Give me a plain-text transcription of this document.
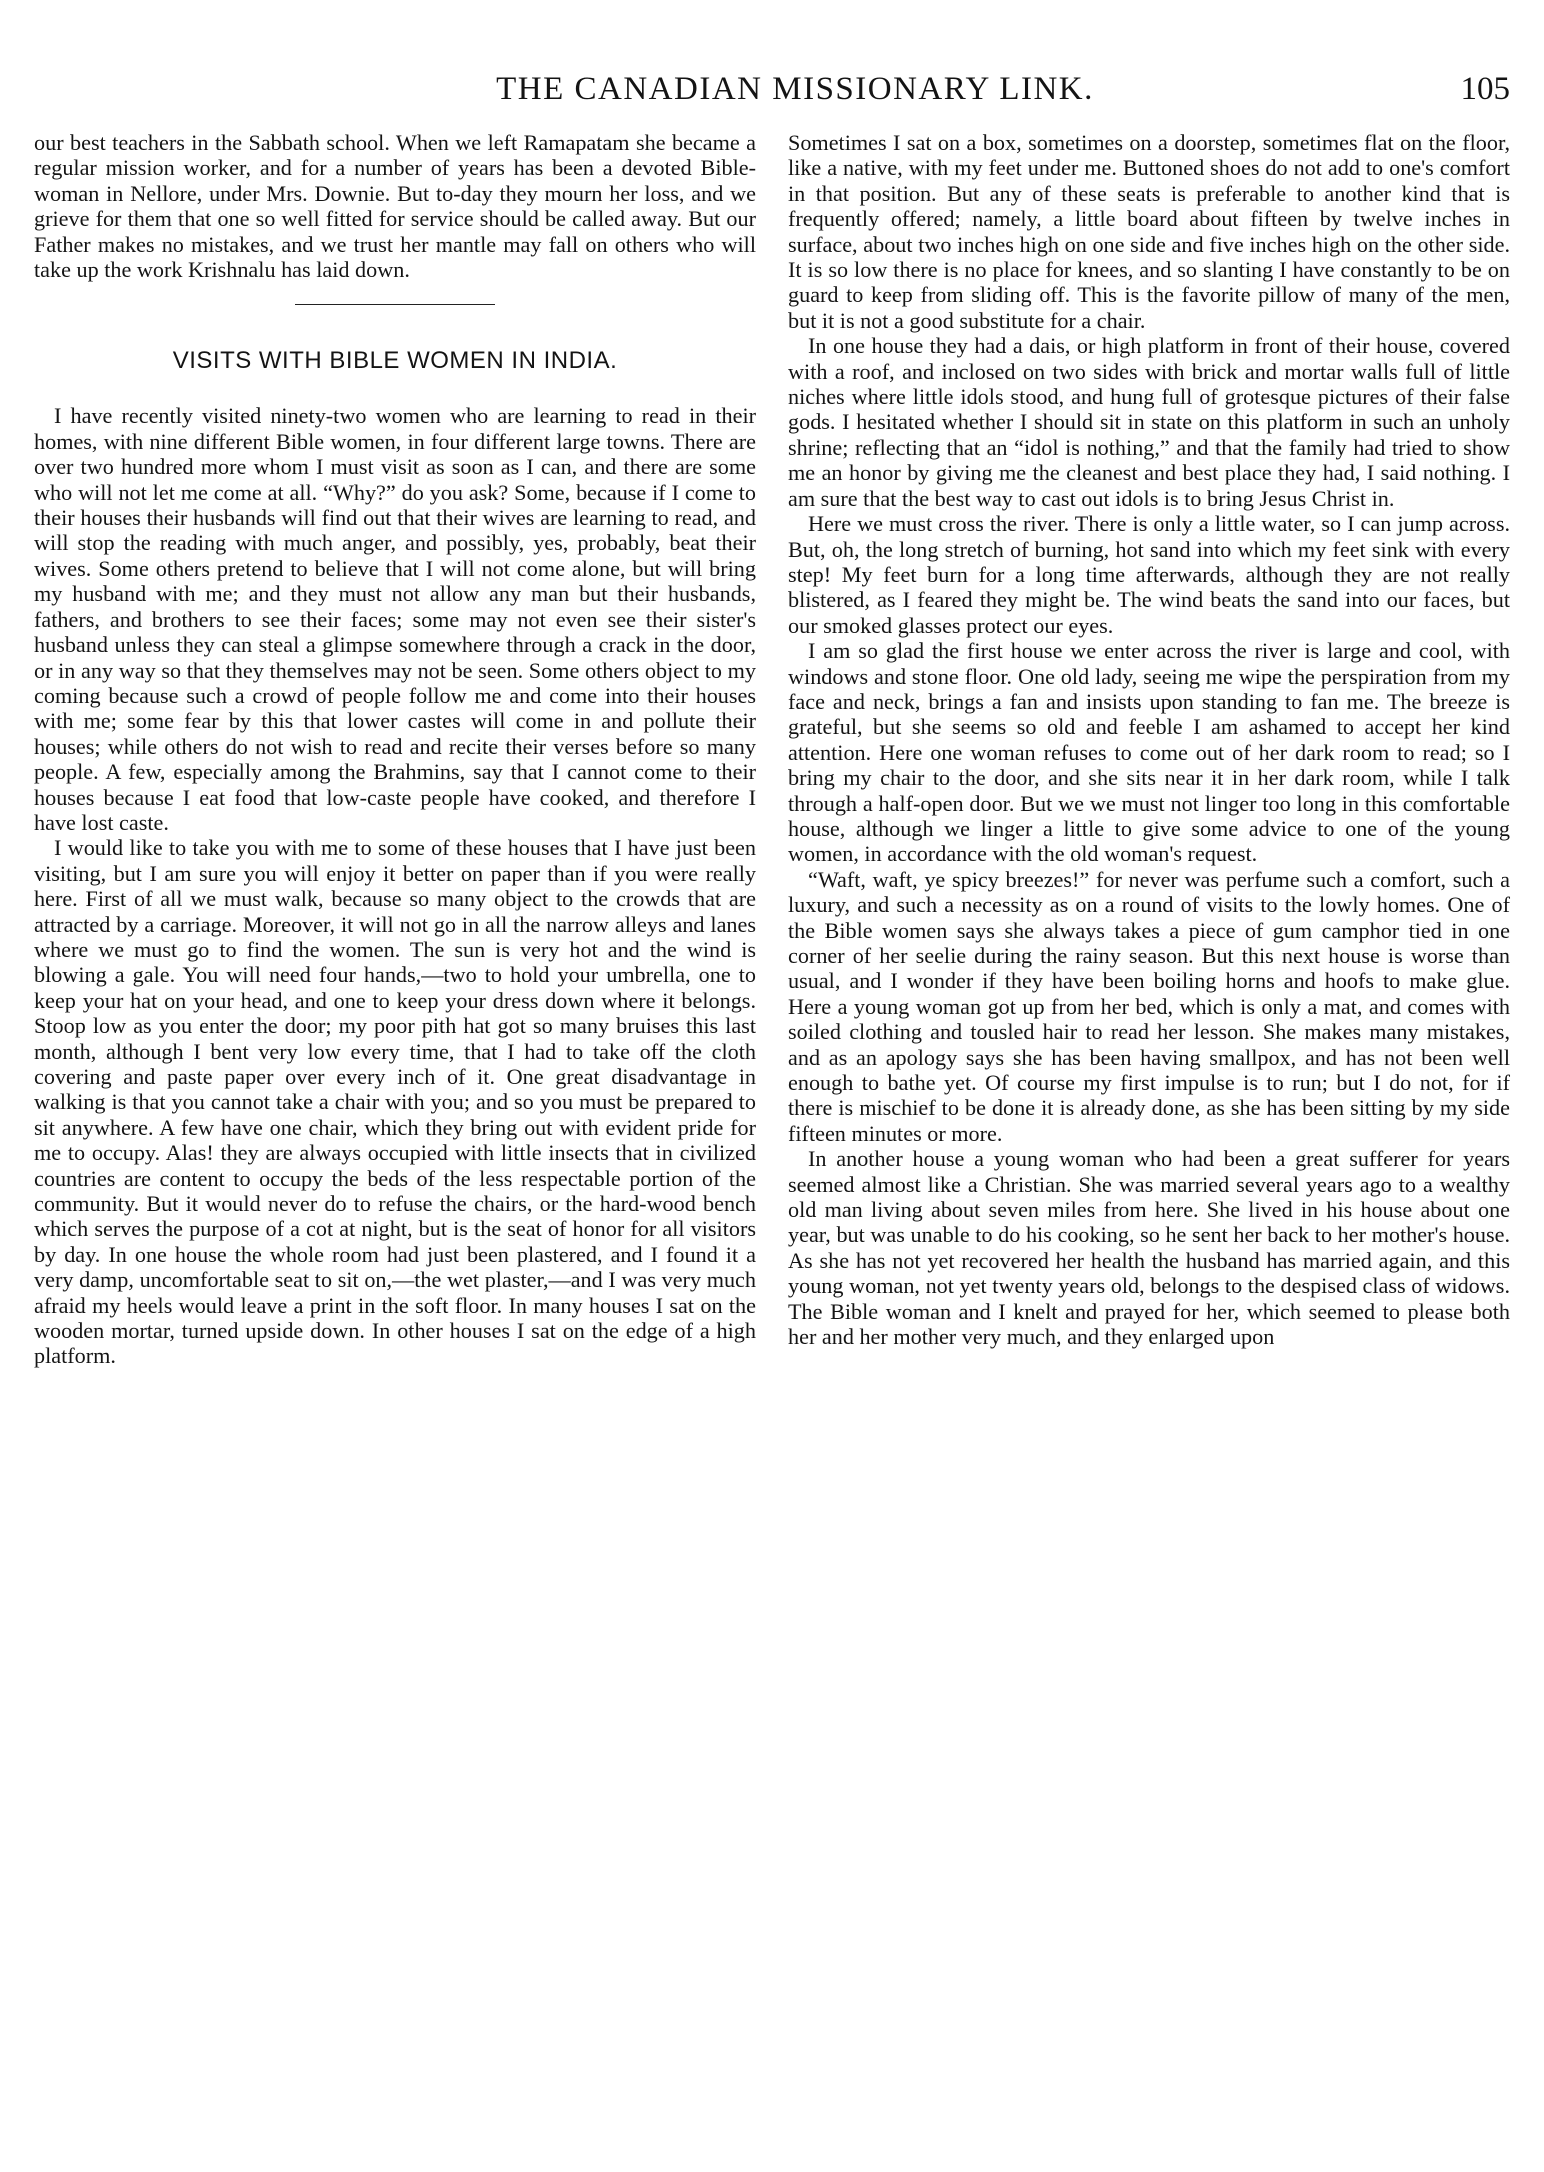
THE CANADIAN MISSIONARY LINK.	105

our best teachers in the Sabbath school. When we left Ramapatam she became a regular mission worker, and for a number of years has been a devoted Bible-woman in Nellore, under Mrs. Downie. But to-day they mourn her loss, and we grieve for them that one so well fitted for service should be called away. But our Father makes no mistakes, and we trust her mantle may fall on others who will take up the work Krishnalu has laid down.

VISITS WITH BIBLE WOMEN IN INDIA.

I have recently visited ninety-two women who are learning to read in their homes, with nine different Bible women, in four different large towns. There are over two hundred more whom I must visit as soon as I can, and there are some who will not let me come at all. “Why?” do you ask? Some, because if I come to their houses their husbands will find out that their wives are learning to read, and will stop the reading with much anger, and possibly, yes, probably, beat their wives. Some others pretend to believe that I will not come alone, but will bring my husband with me; and they must not allow any man but their husbands, fathers, and brothers to see their faces; some may not even see their sister's husband unless they can steal a glimpse somewhere through a crack in the door, or in any way so that they themselves may not be seen. Some others object to my coming because such a crowd of people follow me and come into their houses with me; some fear by this that lower castes will come in and pollute their houses; while others do not wish to read and recite their verses before so many people. A few, especially among the Brahmins, say that I cannot come to their houses because I eat food that low-caste people have cooked, and therefore I have lost caste.

I would like to take you with me to some of these houses that I have just been visiting, but I am sure you will enjoy it better on paper than if you were really here. First of all we must walk, because so many object to the crowds that are attracted by a carriage. Moreover, it will not go in all the narrow alleys and lanes where we must go to find the women. The sun is very hot and the wind is blowing a gale. You will need four hands,—two to hold your umbrella, one to keep your hat on your head, and one to keep your dress down where it belongs. Stoop low as you enter the door; my poor pith hat got so many bruises this last month, although I bent very low every time, that I had to take off the cloth covering and paste paper over every inch of it. One great disadvantage in walking is that you cannot take a chair with you; and so you must be prepared to sit anywhere. A few have one chair, which they bring out with evident pride for me to occupy. Alas! they are always occupied with little insects that in civilized countries are content to occupy the beds of the less respectable portion of the community. But it would never do to refuse the chairs, or the hard-wood bench which serves the purpose of a cot at night, but is the seat of honor for all visitors by day. In one house the whole room had just been plastered, and I found it a very damp, uncomfortable seat to sit on,—the wet plaster,—and I was very much afraid my heels would leave a print in the soft floor. In many houses I sat on the wooden mortar, turned upside down. In other houses I sat on the edge of a high platform.

Sometimes I sat on a box, sometimes on a doorstep, sometimes flat on the floor, like a native, with my feet under me. Buttoned shoes do not add to one's comfort in that position. But any of these seats is preferable to another kind that is frequently offered; namely, a little board about fifteen by twelve inches in surface, about two inches high on one side and five inches high on the other side. It is so low there is no place for knees, and so slanting I have constantly to be on guard to keep from sliding off. This is the favorite pillow of many of the men, but it is not a good substitute for a chair.

In one house they had a dais, or high platform in front of their house, covered with a roof, and inclosed on two sides with brick and mortar walls full of little niches where little idols stood, and hung full of grotesque pictures of their false gods. I hesitated whether I should sit in state on this platform in such an unholy shrine; reflecting that an “idol is nothing,” and that the family had tried to show me an honor by giving me the cleanest and best place they had, I said nothing. I am sure that the best way to cast out idols is to bring Jesus Christ in.

Here we must cross the river. There is only a little water, so I can jump across. But, oh, the long stretch of burning, hot sand into which my feet sink with every step! My feet burn for a long time afterwards, although they are not really blistered, as I feared they might be. The wind beats the sand into our faces, but our smoked glasses protect our eyes.

I am so glad the first house we enter across the river is large and cool, with windows and stone floor. One old lady, seeing me wipe the perspiration from my face and neck, brings a fan and insists upon standing to fan me. The breeze is grateful, but she seems so old and feeble I am ashamed to accept her kind attention. Here one woman refuses to come out of her dark room to read; so I bring my chair to the door, and she sits near it in her dark room, while I talk through a half-open door. But we we must not linger too long in this comfortable house, although we linger a little to give some advice to one of the young women, in accordance with the old woman's request.

“Waft, waft, ye spicy breezes!” for never was perfume such a comfort, such a luxury, and such a necessity as on a round of visits to the lowly homes. One of the Bible women says she always takes a piece of gum camphor tied in one corner of her seelie during the rainy season. But this next house is worse than usual, and I wonder if they have been boiling horns and hoofs to make glue. Here a young woman got up from her bed, which is only a mat, and comes with soiled clothing and tousled hair to read her lesson. She makes many mistakes, and as an apology says she has been having smallpox, and has not been well enough to bathe yet. Of course my first impulse is to run; but I do not, for if there is mischief to be done it is already done, as she has been sitting by my side fifteen minutes or more.

In another house a young woman who had been a great sufferer for years seemed almost like a Christian. She was married several years ago to a wealthy old man living about seven miles from here. She lived in his house about one year, but was unable to do his cooking, so he sent her back to her mother's house. As she has not yet recovered her health the husband has married again, and this young woman, not yet twenty years old, belongs to the despised class of widows. The Bible woman and I knelt and prayed for her, which seemed to please both her and her mother very much, and they enlarged upon
